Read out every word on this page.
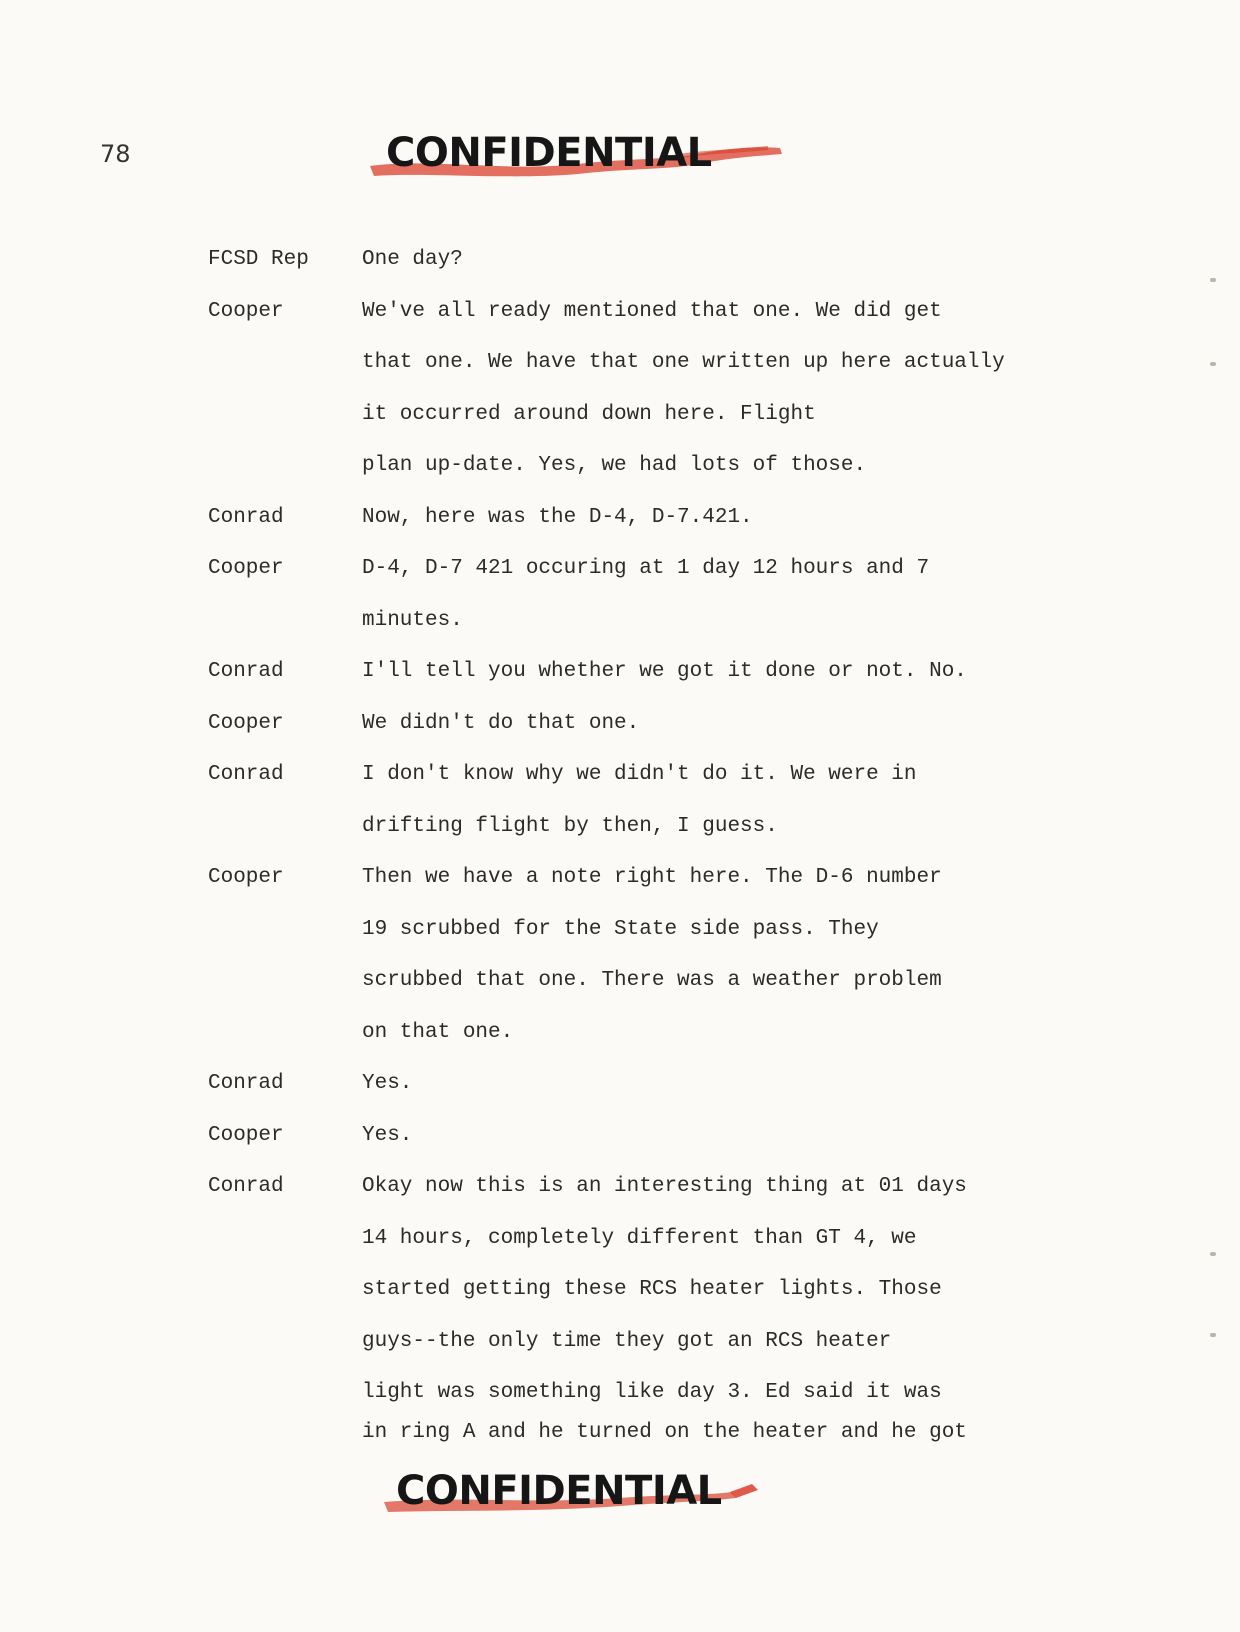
78	CONFIDENTIAL
FCSD Rep	One day?
Cooper	We've all ready mentioned that one. We did get
that one. We have that one written up here actually
it occurred around down here. Flight
plan up-date. Yes, we had lots of those.
Conrad	Now, here was the D-4, D-7.421.
Cooper	D-4, D-7 421 occuring at 1 day 12 hours and 7
minutes.
Conrad	I'll tell you whether we got it done or not. No.
Cooper	We didn't do that one.
Conrad	I don't know why we didn't do it. We were in
drifting flight by then, I guess.
Cooper	Then we have a note right here. The D-6 number
19 scrubbed for the State side pass. They
scrubbed that one. There was a weather problem
on that one.
Conrad	Yes.
Cooper	Yes.
Conrad	Okay now this is an interesting thing at 01 days
14 hours, completely different than GT 4, we
started getting these RCS heater lights. Those
guys--the only time they got an RCS heater
light was something like day 3. Ed said it was
in ring A and he turned on the heater and he got
CONFIDENTIAL
